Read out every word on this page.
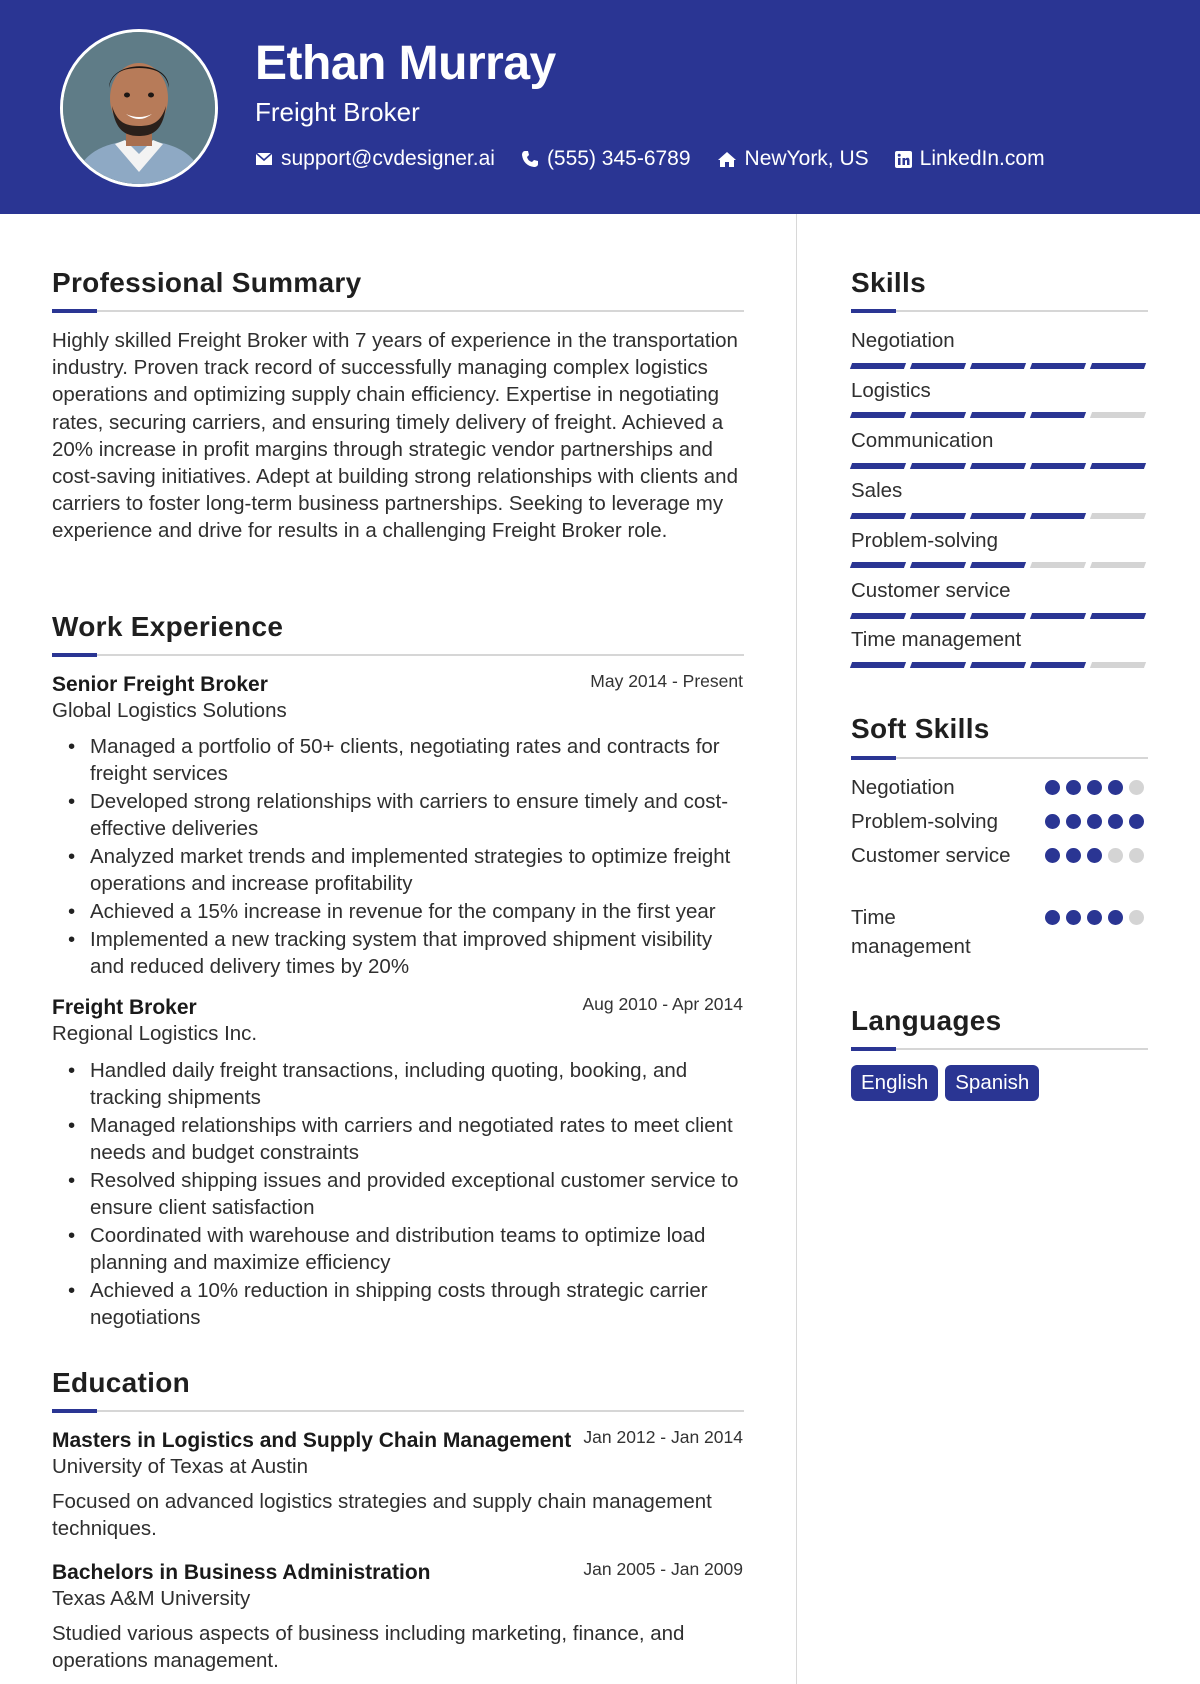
Ethan Murray
Freight Broker
support@cvdesigner.ai (555) 345-6789	NewYork, US LinkedIn.com
Professional Summary
Highly skilled Freight Broker with 7 years of experience in the transportation industry. Proven track record of successfully managing complex logistics operations and optimizing supply chain efficiency. Expertise in negotiating rates, securing carriers, and ensuring timely delivery of freight. Achieved a 20% increase in profit margins through strategic vendor partnerships and cost-saving initiatives. Adept at building strong relationships with clients and carriers to foster long-term business partnerships. Seeking to leverage my experience and drive for results in a challenging Freight Broker role.
Work Experience
Senior Freight Broker	May 2014 - Present
Global Logistics Solutions
• Managed a portfolio of 50+ clients, negotiating rates and contracts for freight services
• Developed strong relationships with carriers to ensure timely and cost-effective deliveries
• Analyzed market trends and implemented strategies to optimize freight operations and increase profitability
• Achieved a 15% increase in revenue for the company in the first year
• Implemented a new tracking system that improved shipment visibility and reduced delivery times by 20%
Freight Broker	Aug 2010 - Apr 2014
Regional Logistics Inc.
• Handled daily freight transactions, including quoting, booking, and tracking shipments
• Managed relationships with carriers and negotiated rates to meet client needs and budget constraints
• Resolved shipping issues and provided exceptional customer service to ensure client satisfaction
• Coordinated with warehouse and distribution teams to optimize load planning and maximize efficiency
• Achieved a 10% reduction in shipping costs through strategic carrier negotiations
Education
Masters in Logistics and Supply Chain Management Jan 2012 - Jan 2014
University of Texas at Austin
Focused on advanced logistics strategies and supply chain management techniques.
Bachelors in Business Administration	Jan 2005 - Jan 2009
Texas A&M University
Studied various aspects of business including marketing, finance, and operations management.
Skills
Negotiation
Logistics
Communication
Sales
Problem-solving
Customer service
Time management
Soft Skills
Negotiation
Problem-solving
Customer service
Time management
Languages
English	Spanish
